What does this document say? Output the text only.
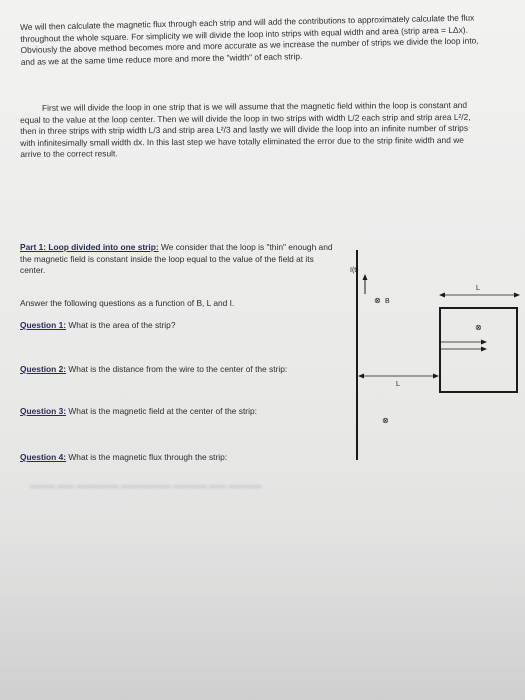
We will then calculate the magnetic flux through each strip and will add the contributions to approximately calculate the flux throughout the whole square. For simplicity we will divide the loop into strips with equal width and area (strip area = LΔx). Obviously the above method becomes more and more accurate as we increase the number of strips we divide the loop into, and as we at the same time reduce more and more the "width" of each strip.

First we will divide the loop in one strip that is we will assume that the magnetic field within the loop is constant and equal to the value at the loop center. Then we will divide the loop in two strips with width L/2 each strip and strip area L²/2, then in three strips with strip width L/3 and strip area L²/3 and lastly we will divide the loop into an infinite number of strips with infinitesimally small width dx. In this last step we have totally eliminated the error due to the strip finite width and we arrive to the correct result.

Part 1: Loop divided into one strip: We consider that the loop is "thin" enough and the magnetic field is constant inside the loop equal to the value of the field at its center.

Answer the following questions as a function of B, L and I.

Question 1: What is the area of the strip?
Question 2: What is the distance from the wire to the center of the strip:
Question 3: What is the magnetic field at the center of the strip:
Question 4: What is the magnetic flux through the strip:
▬▬▬ ▬▬ ▬▬▬▬▬ ▬▬▬▬▬▬ ▬▬▬▬ ▬▬ ▬▬▬▬
I(t)
⊗ B
L
⊗
L
⊗
